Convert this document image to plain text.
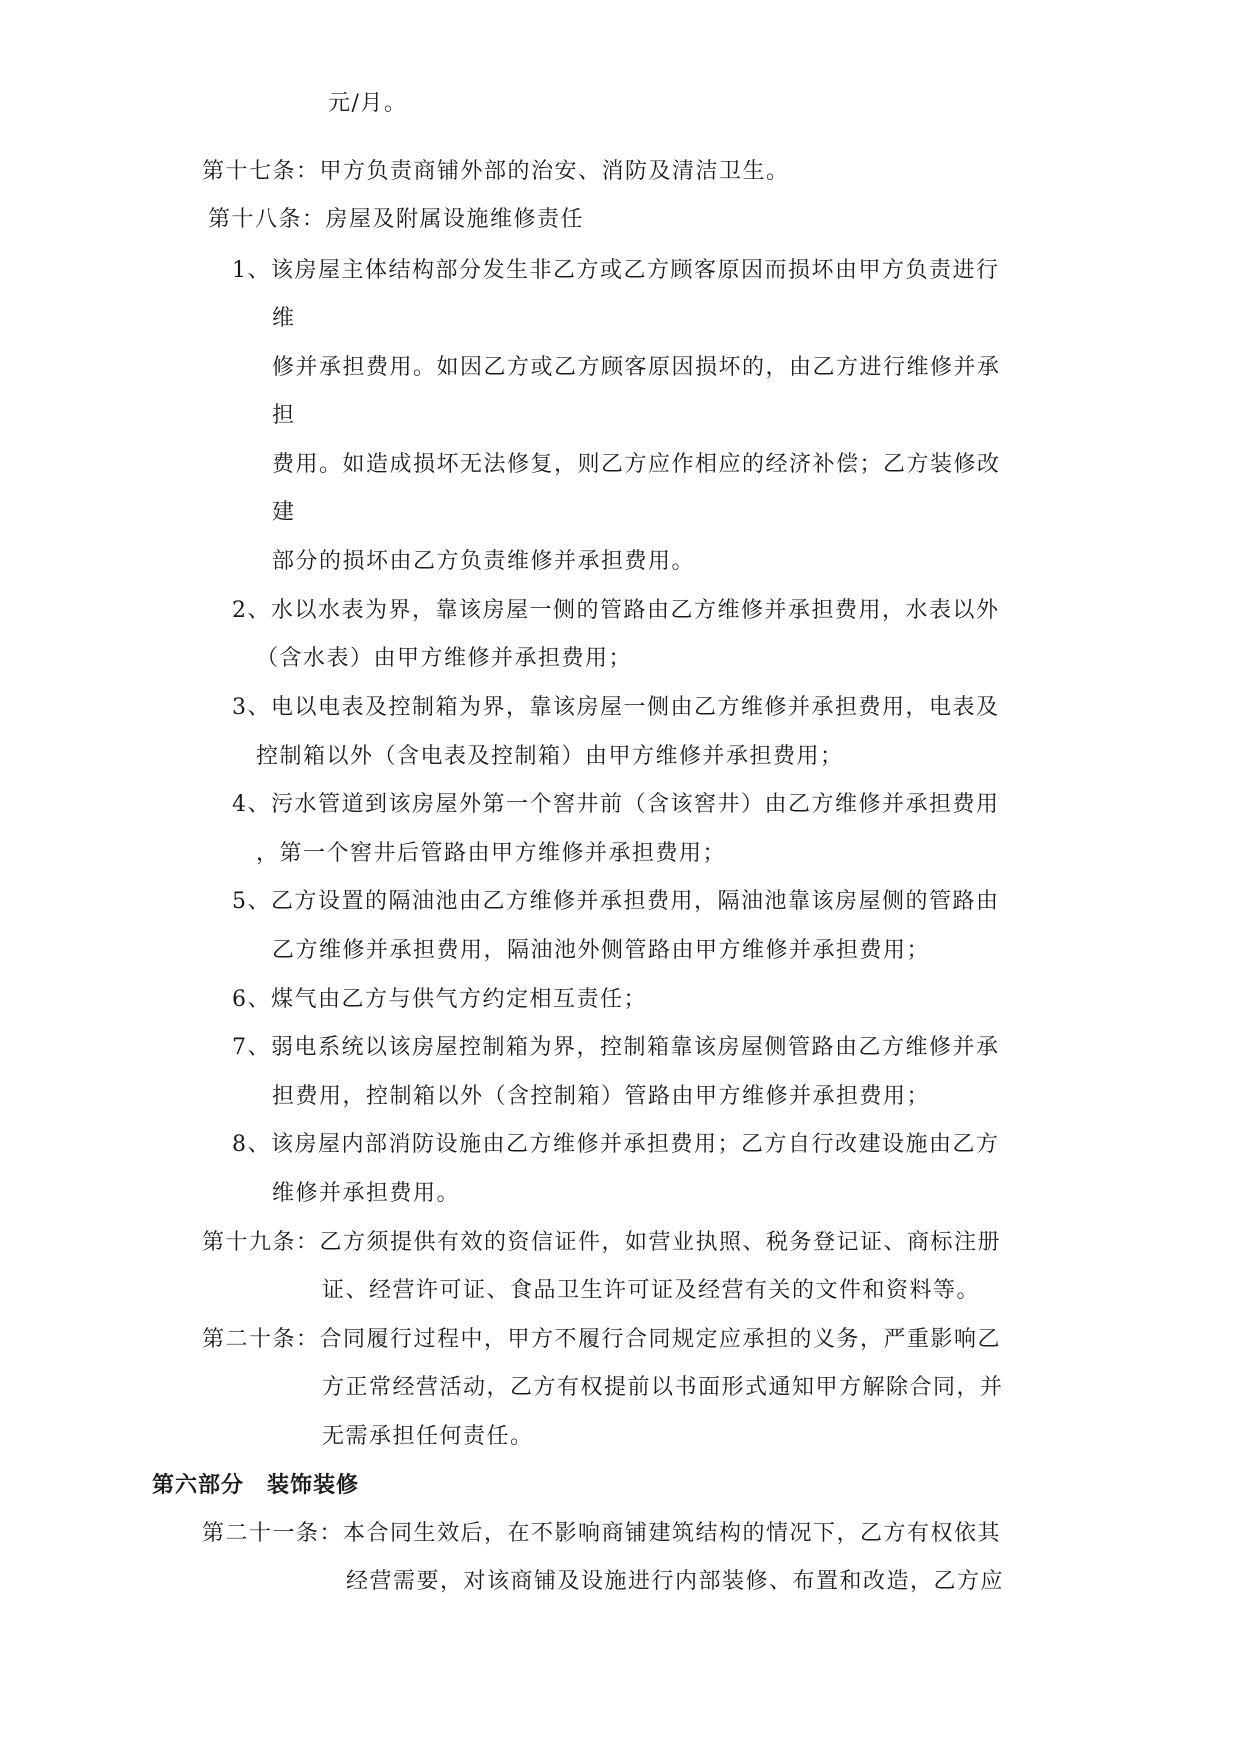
元/月。
第十七条：甲方负责商铺外部的治安、消防及清洁卫生。
第十八条：房屋及附属设施维修责任
1、该房屋主体结构部分发生非乙方或乙方顾客原因而损坏由甲方负责进行
维
修并承担费用。如因乙方或乙方顾客原因损坏的，由乙方进行维修并承
担
费用。如造成损坏无法修复，则乙方应作相应的经济补偿；乙方装修改
建
部分的损坏由乙方负责维修并承担费用。
2、水以水表为界，靠该房屋一侧的管路由乙方维修并承担费用，水表以外
（含水表）由甲方维修并承担费用；
3、电以电表及控制箱为界，靠该房屋一侧由乙方维修并承担费用，电表及
控制箱以外（含电表及控制箱）由甲方维修并承担费用；
4、污水管道到该房屋外第一个窖井前（含该窖井）由乙方维修并承担费用
，第一个窖井后管路由甲方维修并承担费用；
5、乙方设置的隔油池由乙方维修并承担费用，隔油池靠该房屋侧的管路由
乙方维修并承担费用，隔油池外侧管路由甲方维修并承担费用；
6、煤气由乙方与供气方约定相互责任；
7、弱电系统以该房屋控制箱为界，控制箱靠该房屋侧管路由乙方维修并承
担费用，控制箱以外（含控制箱）管路由甲方维修并承担费用；
8、该房屋内部消防设施由乙方维修并承担费用；乙方自行改建设施由乙方
维修并承担费用。
第十九条：乙方须提供有效的资信证件，如营业执照、税务登记证、商标注册
证、经营许可证、食品卫生许可证及经营有关的文件和资料等。
第二十条：合同履行过程中，甲方不履行合同规定应承担的义务，严重影响乙
方正常经营活动，乙方有权提前以书面形式通知甲方解除合同，并
无需承担任何责任。
第六部分　装饰装修
第二十一条：本合同生效后，在不影响商铺建筑结构的情况下，乙方有权依其
经营需要，对该商铺及设施进行内部装修、布置和改造，乙方应
